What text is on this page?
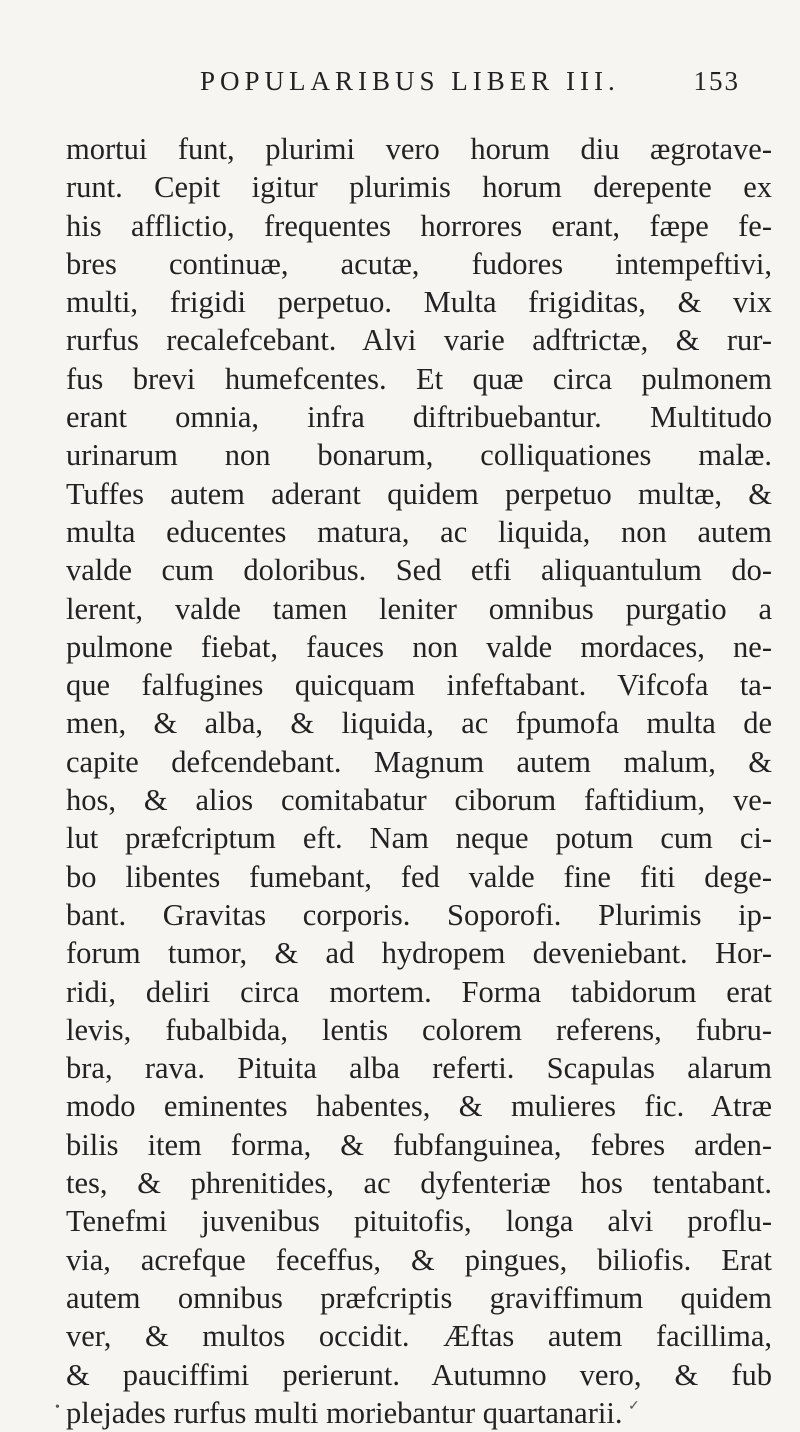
POPULARIBUS LIBER III.	153
mortui funt, plurimi vero horum diu ægrotave-
runt. Cepit igitur plurimis horum derepente ex
his afflictio, frequentes horrores erant, fæpe fe-
bres continuæ, acutæ, fudores intempeftivi,
multi, frigidi perpetuo. Multa frigiditas, & vix
rurfus recalefcebant. Alvi varie adftrictæ, & rur-
fus brevi humefcentes. Et quæ circa pulmonem
erant omnia, infra diftribuebantur. Multitudo
urinarum non bonarum, colliquationes malæ.
Tuffes autem aderant quidem perpetuo multæ, &
multa educentes matura, ac liquida, non autem
valde cum doloribus. Sed etfi aliquantulum do-
lerent, valde tamen leniter omnibus purgatio a
pulmone fiebat, fauces non valde mordaces, ne-
que falfugines quicquam infeftabant. Vifcofa ta-
men, & alba, & liquida, ac fpumofa multa de
capite defcendebant. Magnum autem malum, &
hos, & alios comitabatur ciborum faftidium, ve-
lut præfcriptum eft. Nam neque potum cum ci-
bo libentes fumebant, fed valde fine fiti dege-
bant. Gravitas corporis. Soporofi. Plurimis ip-
forum tumor, & ad hydropem deveniebant. Hor-
ridi, deliri circa mortem. Forma tabidorum erat
levis, fubalbida, lentis colorem referens, fubru-
bra, rava. Pituita alba referti. Scapulas alarum
modo eminentes habentes, & mulieres fic. Atræ
bilis item forma, & fubfanguinea, febres arden-
tes, & phrenitides, ac dyfenteriæ hos tentabant.
Tenefmi juvenibus pituitofis, longa alvi proflu-
via, acrefque feceffus, & pingues, biliofis. Erat
autem omnibus præfcriptis graviffimum quidem
ver, & multos occidit. Æftas autem facillima,
& pauciffimi perierunt. Autumno vero, & fub
plejades rurfus multi moriebantur quartanarii.
•	✓
